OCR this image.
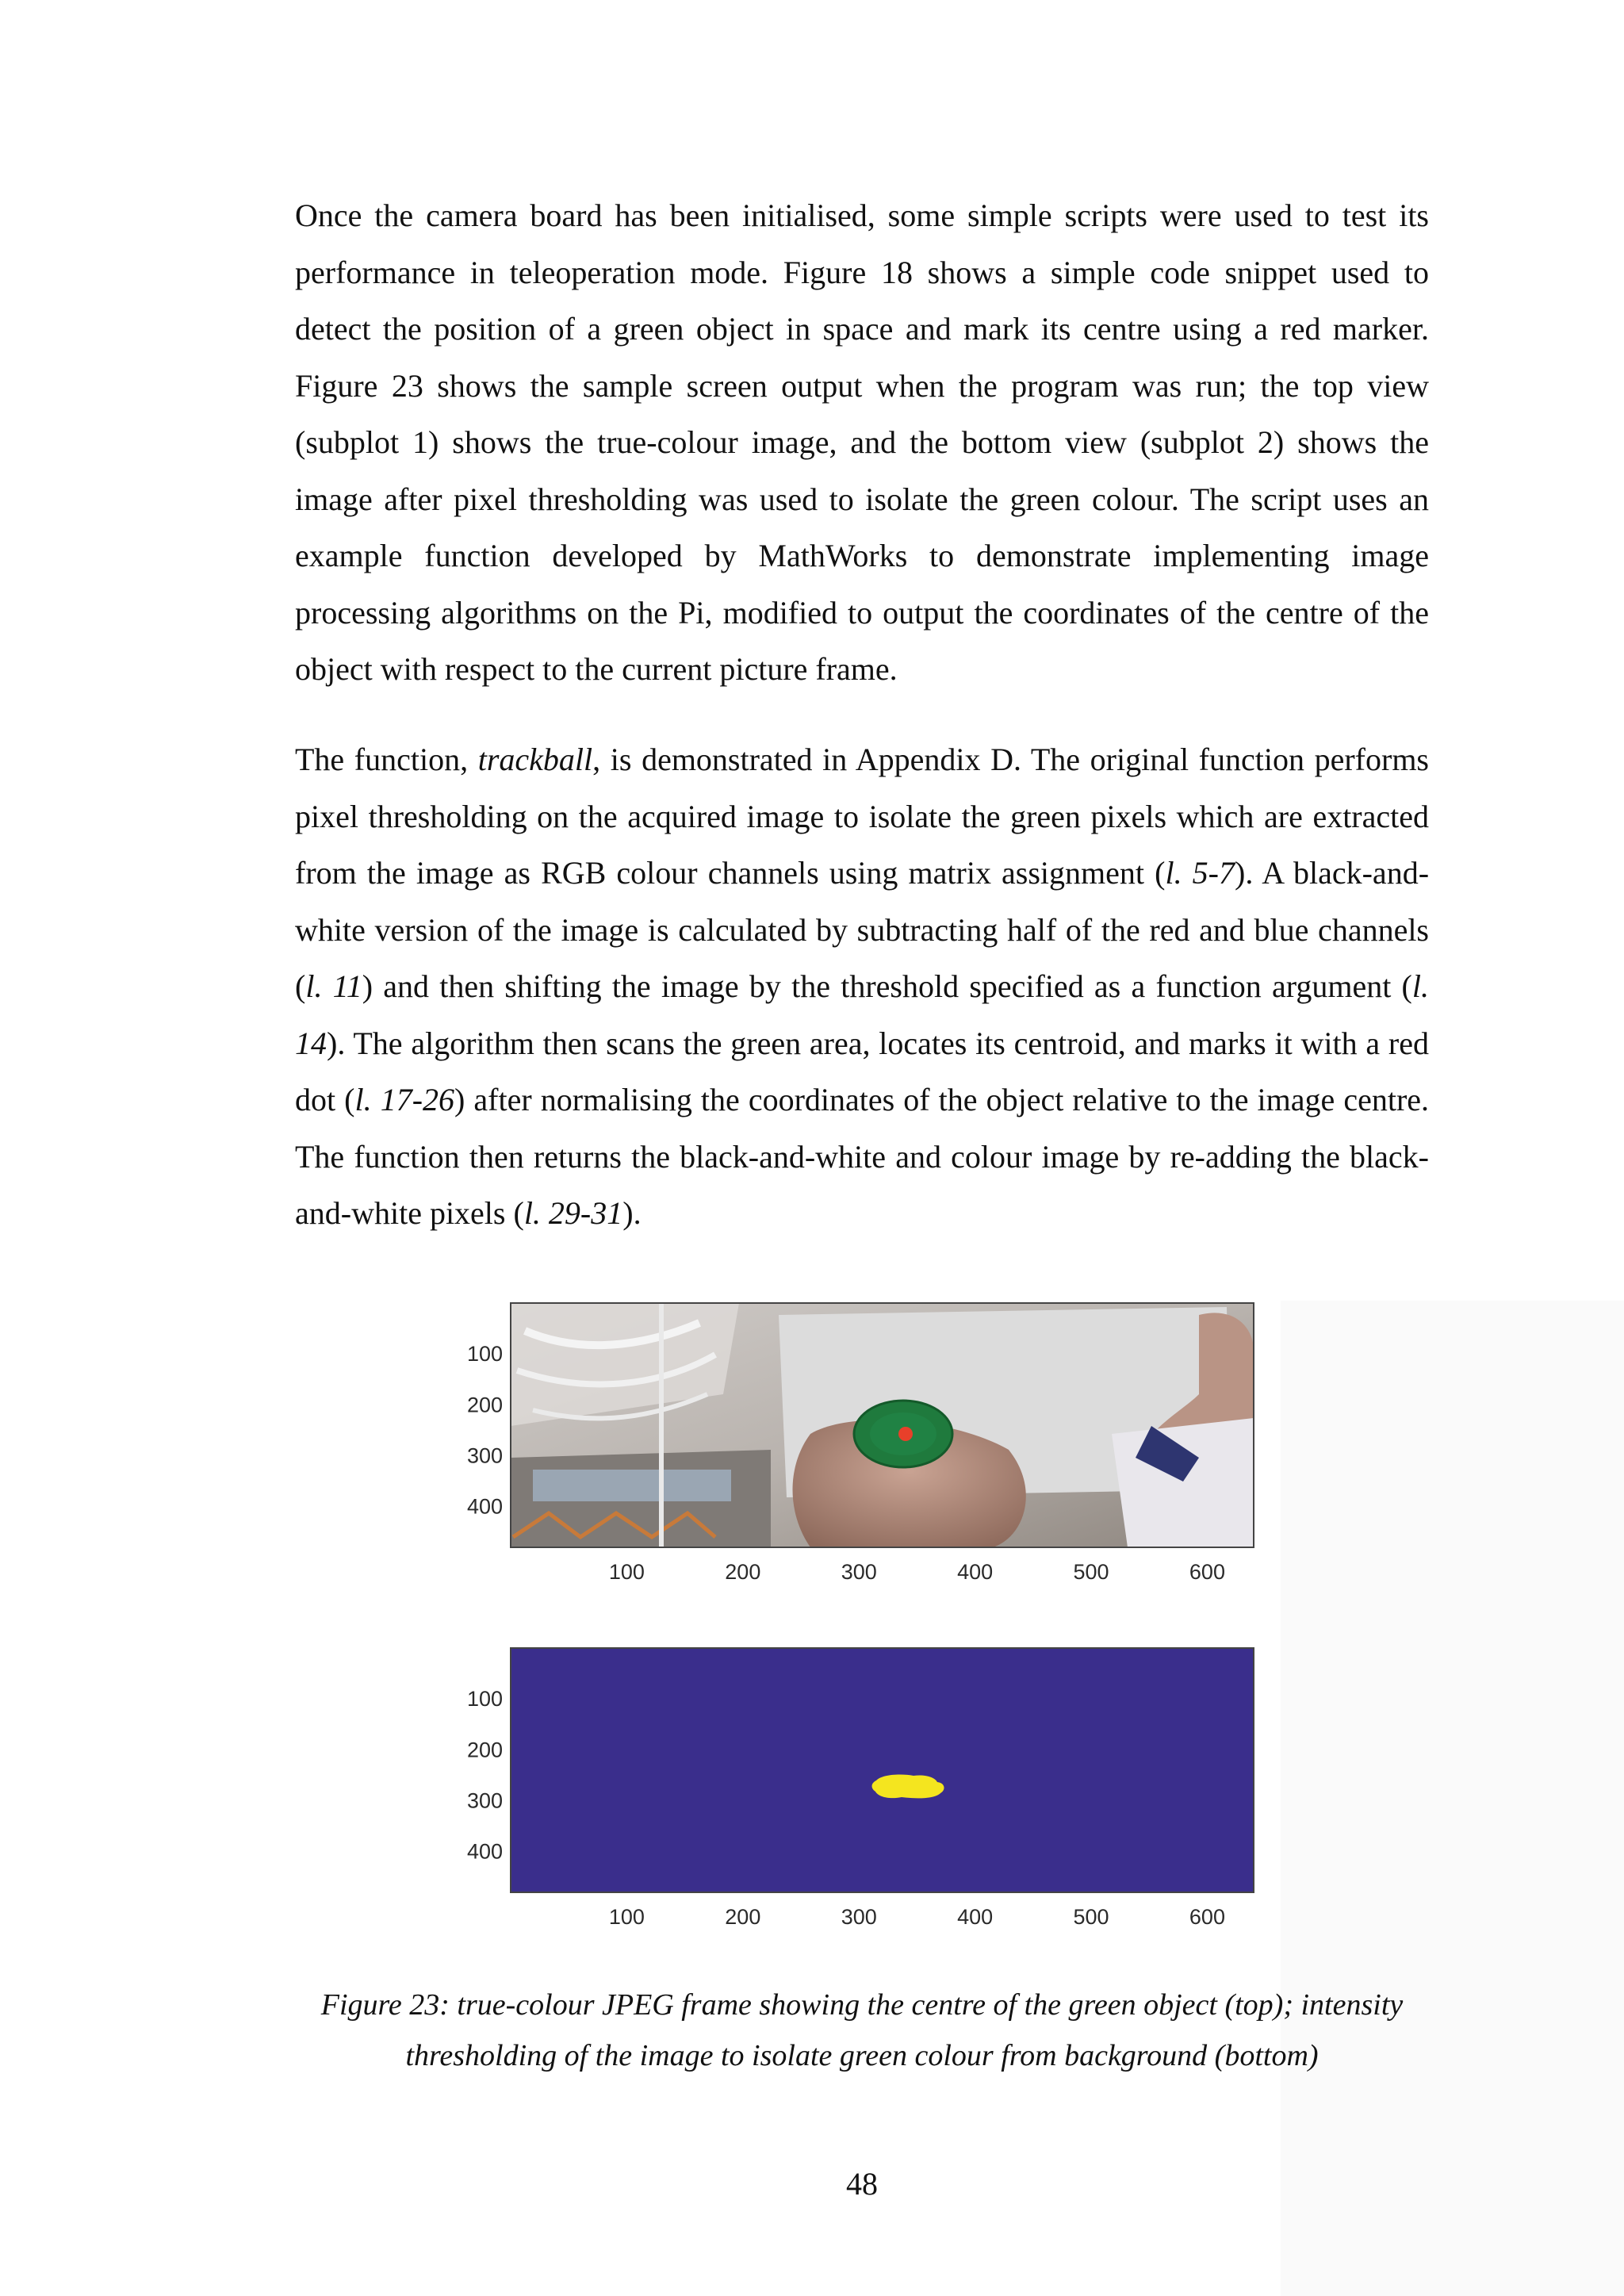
Once the camera board has been initialised, some simple scripts were used to test its performance in teleoperation mode. Figure 18 shows a simple code snippet used to detect the position of a green object in space and mark its centre using a red marker. Figure 23 shows the sample screen output when the program was run; the top view (subplot 1) shows the true-colour image, and the bottom view (subplot 2) shows the image after pixel thresholding was used to isolate the green colour. The script uses an example function developed by MathWorks to demonstrate implementing image processing algorithms on the Pi, modified to output the coordinates of the centre of the object with respect to the current picture frame.

The function, trackball, is demonstrated in Appendix D. The original function performs pixel thresholding on the acquired image to isolate the green pixels which are extracted from the image as RGB colour channels using matrix assignment (l. 5-7). A black-and-white version of the image is calculated by subtracting half of the red and blue channels (l. 11) and then shifting the image by the threshold specified as a function argument (l. 14). The algorithm then scans the green area, locates its centroid, and marks it with a red dot (l. 17-26) after normalising the coordinates of the object relative to the image centre. The function then returns the black-and-white and colour image by re-adding the black-and-white pixels (l. 29-31).

100	200	300	400	500	600
100
200
300
400
100	200	300	400	500	600
100
200
300
400
Figure 23: true-colour JPEG frame showing the centre of the green object (top); intensity
thresholding of the image to isolate green colour from background (bottom)
48
